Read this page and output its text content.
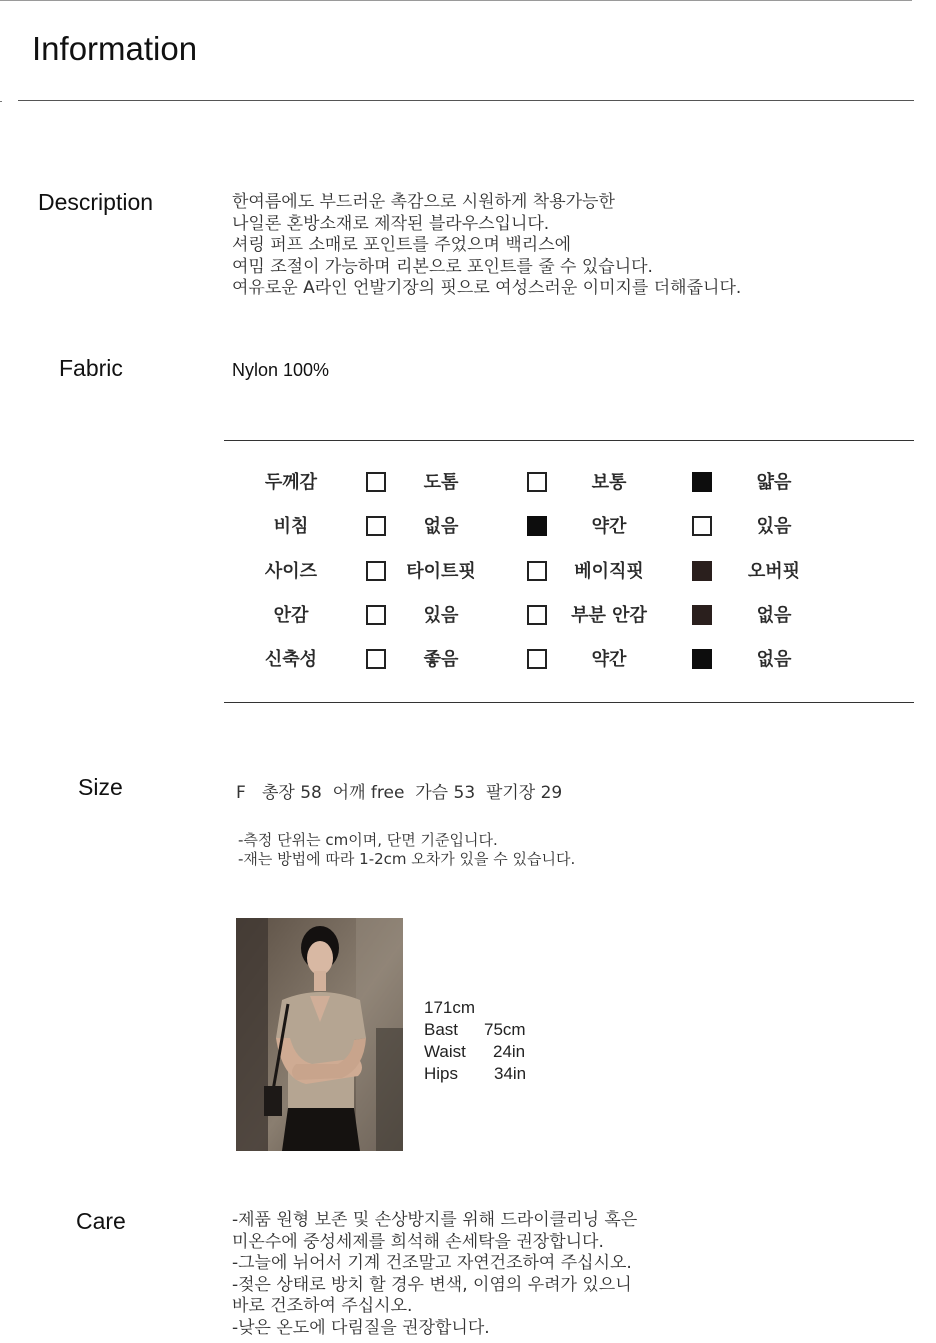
Information
Description	한여름에도 부드러운 촉감으로 시원하게 착용가능한
나일론 혼방소재로 제작된 블라우스입니다.
셔링 퍼프 소매로 포인트를 주었으며 백리스에
여밈 조절이 가능하며 리본으로 포인트를 줄 수 있습니다.
여유로운 A라인 언발기장의 핏으로 여성스러운 이미지를 더해줍니다.
Fabric	Nylon 100%
두께감	도톰	보통	얇음
비침	없음	약간	있음
사이즈	타이트핏	베이직핏	오버핏
안감	있음	부분 안감	없음
신축성	좋음	약간	없음
Size	F   총장 58  어깨 free  가슴 53  팔기장 29
-측정 단위는 cm이며, 단면 기준입니다.
-재는 방법에 따라 1-2cm 오차가 있을 수 있습니다.
171cm
Bast 75cm
Waist 24in
Hips 34in
Care	-제품 원형 보존 및 손상방지를 위해 드라이클리닝 혹은
미온수에 중성세제를 희석해 손세탁을 권장합니다.
-그늘에 뉘어서 기계 건조말고 자연건조하여 주십시오.
-젖은 상태로 방치 할 경우 변색, 이염의 우려가 있으니
바로 건조하여 주십시오.
-낮은 온도에 다림질을 권장합니다.
